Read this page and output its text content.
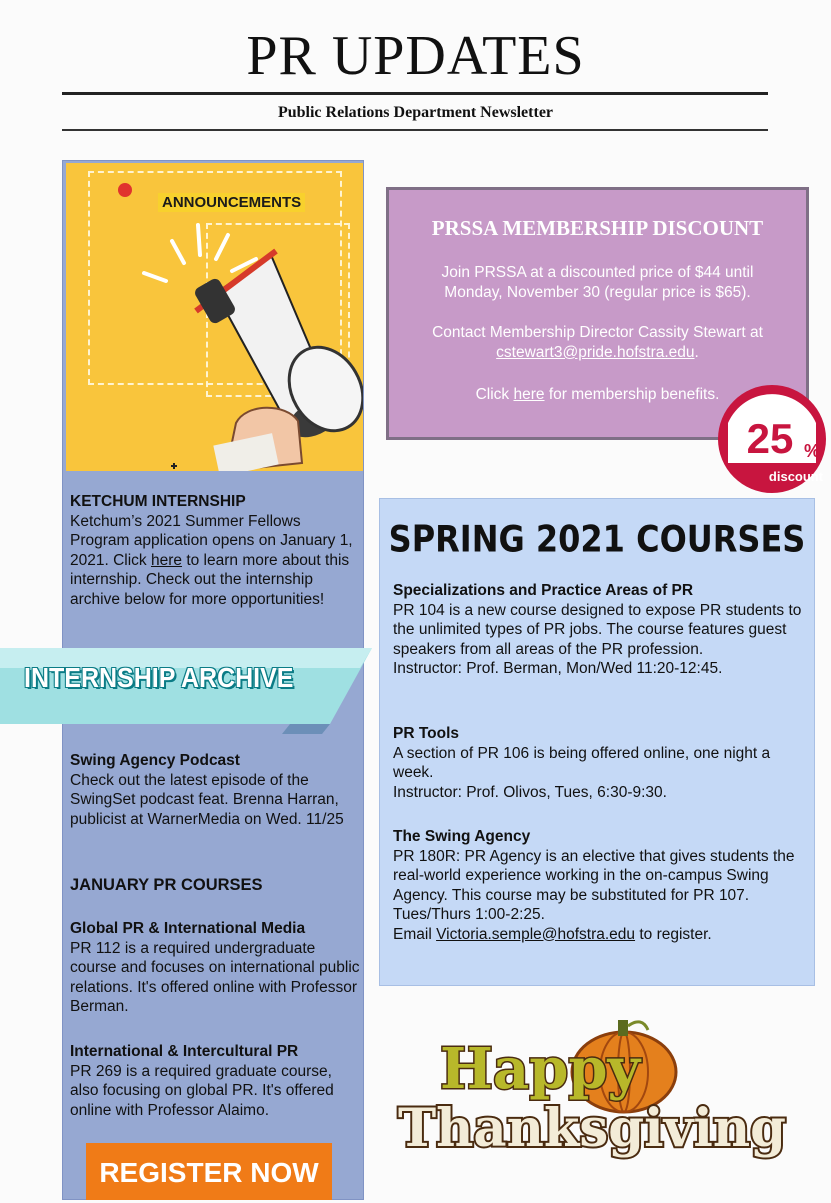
PR UPDATES
Public Relations Department Newsletter
ANNOUNCEMENTS
KETCHUM INTERNSHIP
Ketchum’s 2021 Summer Fellows Program application opens on January 1, 2021. Click here to learn more about this internship. Check out the internship archive below for more opportunities!
INTERNSHIP ARCHIVE
Swing Agency Podcast
Check out the latest episode of the SwingSet podcast feat. Brenna Harran, publicist at WarnerMedia on Wed. 11/25
JANUARY PR COURSES
Global PR & International Media
PR 112 is a required undergraduate course and focuses on international public relations. It's offered online with Professor Berman.
International & Intercultural PR
PR 269 is a required graduate course, also focusing on global PR. It's offered online with Professor Alaimo.
REGISTER NOW
PRSSA MEMBERSHIP DISCOUNT
Join PRSSA at a discounted price of $44 until Monday, November 30 (regular price is $65).
Contact Membership Director Cassity Stewart at
cstewart3@pride.hofstra.edu.
Click here for membership benefits.
25 %
discount
SPRING 2021 COURSES
Specializations and Practice Areas of PR
PR 104 is a new course designed to expose PR students to the unlimited types of PR jobs. The course features guest speakers from all areas of the PR profession.
Instructor: Prof. Berman, Mon/Wed 11:20-12:45.
PR Tools
A section of PR 106 is being offered online, one night a week.
Instructor: Prof. Olivos, Tues, 6:30-9:30.
The Swing Agency
PR 180R: PR Agency is an elective that gives students the real-world experience working in the on-campus Swing Agency. This course may be substituted for PR 107. Tues/Thurs 1:00-2:25.
Email Victoria.semple@hofstra.edu to register.
Happy
Thanksgiving
